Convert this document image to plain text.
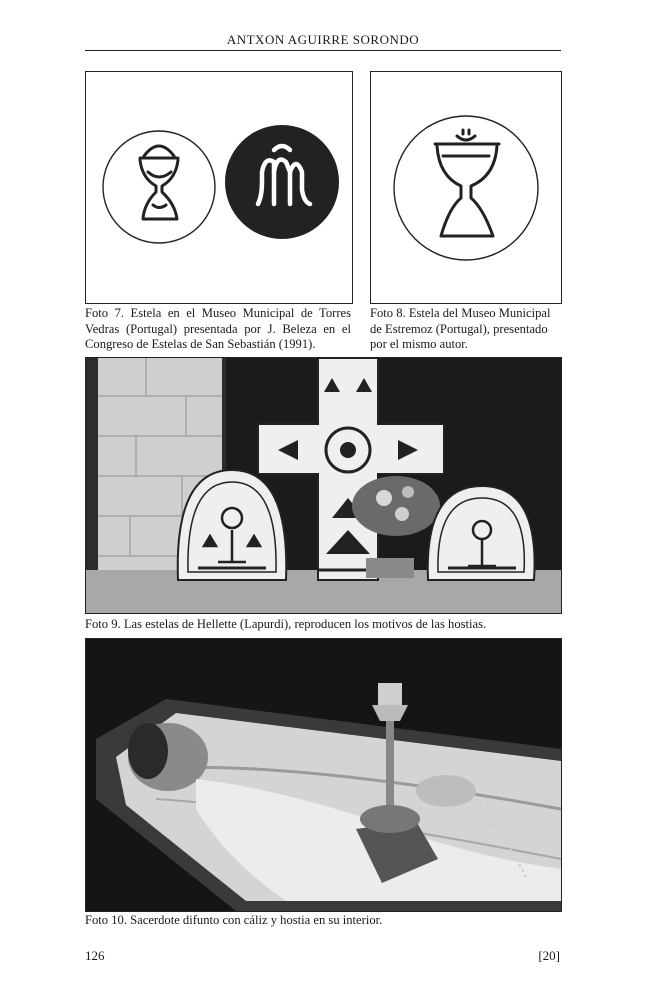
ANTXON AGUIRRE SORONDO
Foto 7. Estela en el Museo Municipal de Torres Vedras (Portugal) presentada por J. Beleza en el Congreso de Estelas de San Sebastián (1991).
Foto 8. Estela del Museo Municipal de Estremoz (Portugal), presentado por el mismo autor.
Foto 9. Las estelas de Hellette (Lapurdi), reproducen los motivos de las hostias.
Foto 10. Sacerdote difunto con cáliz y hostia en su interior.
126	[20]
